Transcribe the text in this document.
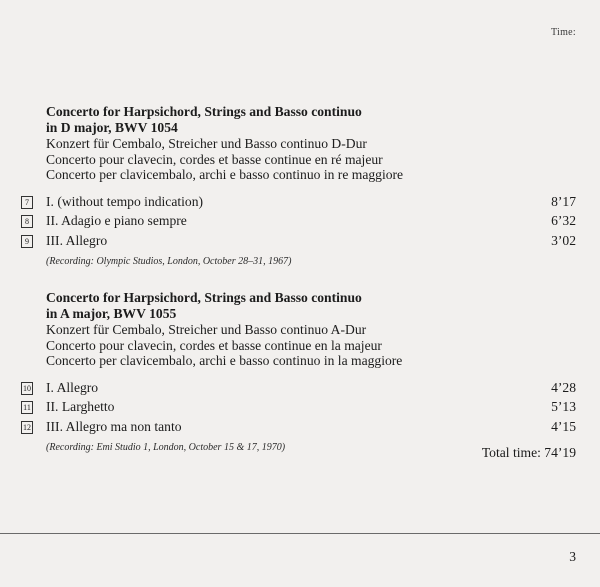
Time:
Concerto for Harpsichord, Strings and Basso continuo
in D major, BWV 1054
Konzert für Cembalo, Streicher und Basso continuo D-Dur
Concerto pour clavecin, cordes et basse continue en ré majeur
Concerto per clavicembalo, archi e basso continuo in re maggiore
7 I. (without tempo indication)	8’17
8 II. Adagio e piano sempre	6’32
9 III. Allegro	3’02
(Recording: Olympic Studios, London, October 28–31, 1967)
Concerto for Harpsichord, Strings and Basso continuo
in A major, BWV 1055
Konzert für Cembalo, Streicher und Basso continuo A-Dur
Concerto pour clavecin, cordes et basse continue en la majeur
Concerto per clavicembalo, archi e basso continuo in la maggiore
10 I. Allegro	4’28
11 II. Larghetto	5’13
12 III. Allegro ma non tanto	4’15
(Recording: Emi Studio 1, London, October 15 & 17, 1970)	Total time: 74’19
3
